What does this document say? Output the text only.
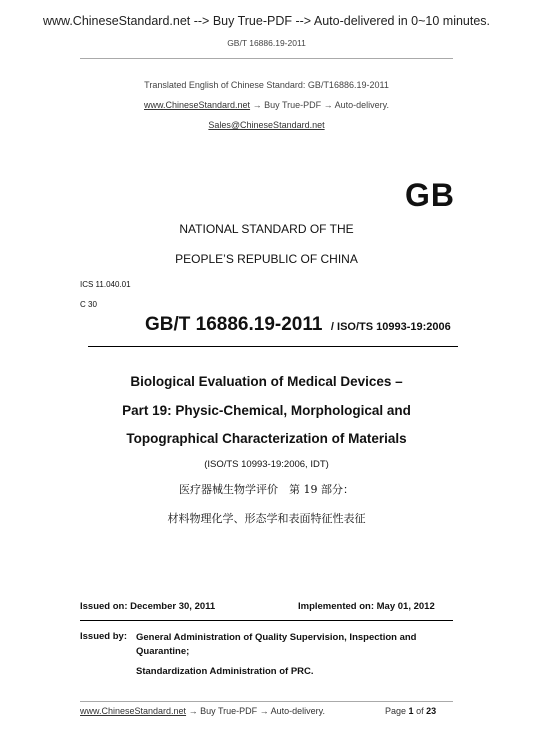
www.ChineseStandard.net --> Buy True-PDF --> Auto-delivered in 0~10 minutes.
GB/T 16886.19-2011
Translated English of Chinese Standard: GB/T16886.19-2011
www.ChineseStandard.net → Buy True-PDF → Auto-delivery.
Sales@ChineseStandard.net
GB
NATIONAL STANDARD OF THE
PEOPLE’S REPUBLIC OF CHINA
ICS 11.040.01
C 30
GB/T 16886.19-2011 / ISO/TS 10993-19:2006
Biological Evaluation of Medical Devices –
Part 19: Physic-Chemical, Morphological and
Topographical Characterization of Materials
(ISO/TS 10993-19:2006, IDT)
医疗器械生物学评价　第 19 部分：
材料物理化学、形态学和表面特征性表征
Issued on: December 30, 2011	Implemented on: May 01, 2012
Issued by: General Administration of Quality Supervision, Inspection and Quarantine;
Standardization Administration of PRC.
www.ChineseStandard.net → Buy True-PDF → Auto-delivery.	Page 1 of 23
